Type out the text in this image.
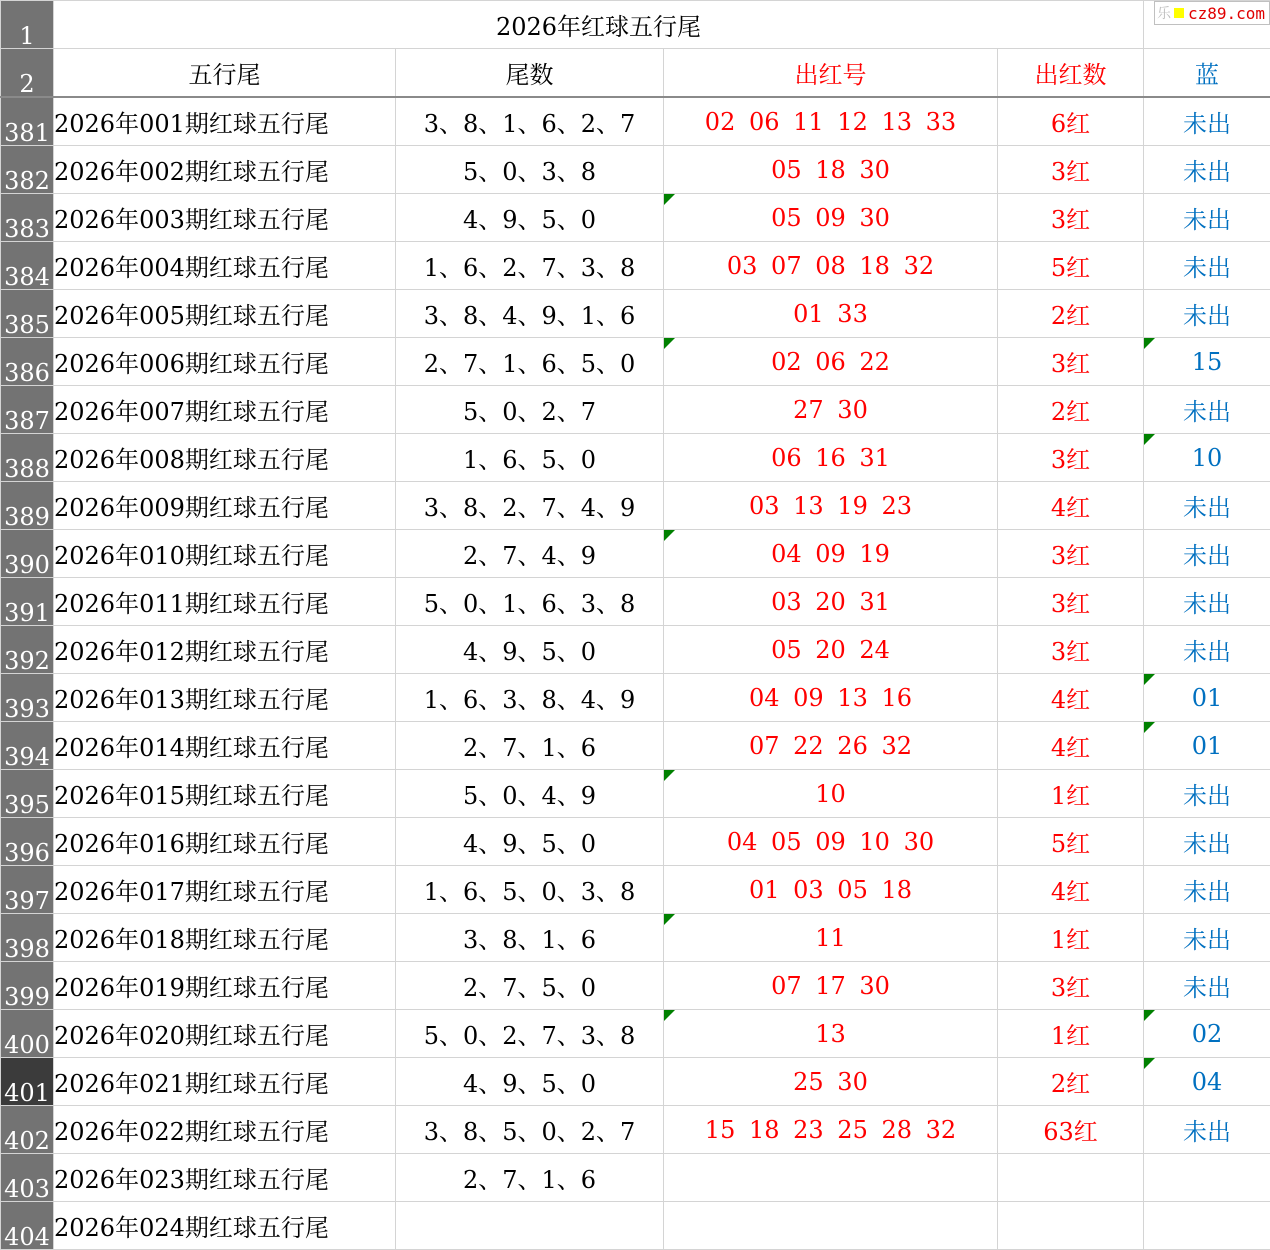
1	2026年红球五行尾				
2	五行尾	尾数	出红号	出红数	蓝
381	2026年001期红球五行尾	3、8、1、6、2、7	02 06 11 12 13 33	6红	未出
382	2026年002期红球五行尾	5、0、3、8	05 18 30	3红	未出
383	2026年003期红球五行尾	4、9、5、0	05 09 30	3红	未出
384	2026年004期红球五行尾	1、6、2、7、3、8	03 07 08 18 32	5红	未出
385	2026年005期红球五行尾	3、8、4、9、1、6	01 33	2红	未出
386	2026年006期红球五行尾	2、7、1、6、5、0	02 06 22	3红	15

387	2026年007期红球五行尾	5、0、2、7	27 30	2红	未出
388	2026年008期红球五行尾	1、6、5、0	06 16 31	3红	10

389	2026年009期红球五行尾	3、8、2、7、4、9	03 13 19 23	4红	未出
390	2026年010期红球五行尾	2、7、4、9	04 09 19	3红	未出
391	2026年011期红球五行尾	5、0、1、6、3、8	03 20 31	3红	未出
392	2026年012期红球五行尾	4、9、5、0	05 20 24	3红	未出
393	2026年013期红球五行尾	1、6、3、8、4、9	04 09 13 16	4红	01

394	2026年014期红球五行尾	2、7、1、6	07 22 26 32	4红	01

395	2026年015期红球五行尾	5、0、4、9	10	1红	未出
396	2026年016期红球五行尾	4、9、5、0	04 05 09 10 30	5红	未出
397	2026年017期红球五行尾	1、6、5、0、3、8	01 03 05 18	4红	未出
398	2026年018期红球五行尾	3、8、1、6	11	1红	未出
399	2026年019期红球五行尾	2、7、5、0	07 17 30	3红	未出
400	2026年020期红球五行尾	5、0、2、7、3、8	13	1红	02

401	2026年021期红球五行尾	4、9、5、0	25 30	2红	04

402	2026年022期红球五行尾	3、8、5、0、2、7	15 18 23 25 28 32	63红	未出
403	2026年023期红球五行尾	2、7、1、6			
404	2026年024期红球五行尾				
乐 cz89.com
